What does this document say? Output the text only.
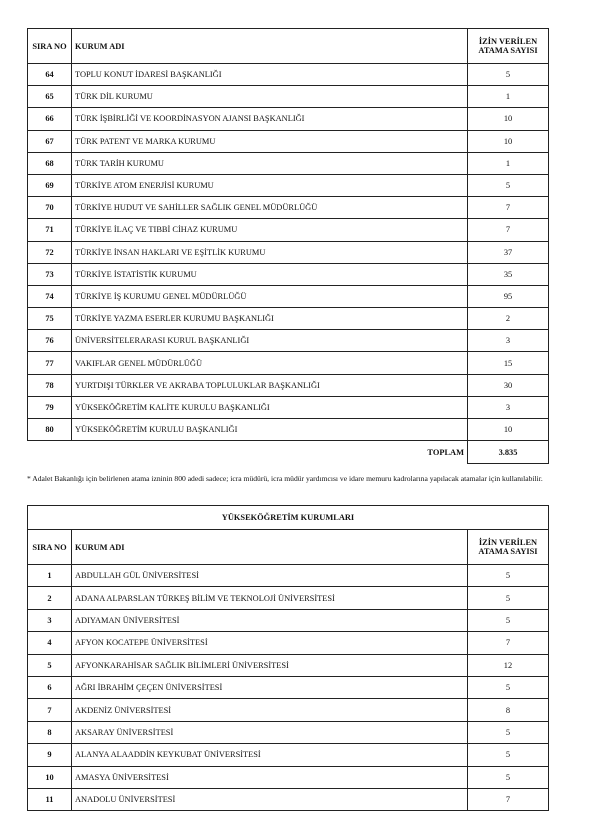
SIRA NO	KURUM ADI	İZİN VERİLEN ATAMA SAYISI
64	TOPLU KONUT İDARESİ BAŞKANLIĞI	5
65	TÜRK DİL KURUMU	1
66	TÜRK İŞBİRLİĞİ VE KOORDİNASYON AJANSI BAŞKANLIĞI	10
67	TÜRK PATENT VE MARKA KURUMU	10
68	TÜRK TARİH KURUMU	1
69	TÜRKİYE ATOM ENERJİSİ KURUMU	5
70	TÜRKİYE HUDUT VE SAHİLLER SAĞLIK GENEL MÜDÜRLÜĞÜ	7
71	TÜRKİYE İLAÇ VE TIBBİ CİHAZ KURUMU	7
72	TÜRKİYE İNSAN HAKLARI VE EŞİTLİK KURUMU	37
73	TÜRKİYE İSTATİSTİK KURUMU	35
74	TÜRKİYE İŞ KURUMU GENEL MÜDÜRLÜĞÜ	95
75	TÜRKİYE YAZMA ESERLER KURUMU BAŞKANLIĞI	2
76	ÜNİVERSİTELERARASI KURUL BAŞKANLIĞI	3
77	VAKIFLAR GENEL MÜDÜRLÜĞÜ	15
78	YURTDIŞI TÜRKLER VE AKRABA TOPLULUKLAR BAŞKANLIĞI	30
79	YÜKSEKÖĞRETİM KALİTE KURULU BAŞKANLIĞI	3
80	YÜKSEKÖĞRETİM KURULU BAŞKANLIĞI	10
	TOPLAM	3.835

* Adalet Bakanlığı için belirlenen atama izninin 800 adedi sadece; icra müdürü, icra müdür yardımcısı ve idare memuru kadrolarına yapılacak atamalar için kullanılabilir.

YÜKSEKÖĞRETİM KURUMLARI		
SIRA NO	KURUM ADI	İZİN VERİLEN ATAMA SAYISI
1	ABDULLAH GÜL ÜNİVERSİTESİ	5
2	ADANA ALPARSLAN TÜRKEŞ BİLİM VE TEKNOLOJİ ÜNİVERSİTESİ	5
3	ADIYAMAN ÜNİVERSİTESİ	5
4	AFYON KOCATEPE ÜNİVERSİTESİ	7
5	AFYONKARAHİSAR SAĞLIK BİLİMLERİ ÜNİVERSİTESİ	12
6	AĞRI İBRAHİM ÇEÇEN ÜNİVERSİTESİ	5
7	AKDENİZ ÜNİVERSİTESİ	8
8	AKSARAY ÜNİVERSİTESİ	5
9	ALANYA ALAADDİN KEYKUBAT ÜNİVERSİTESİ	5
10	AMASYA ÜNİVERSİTESİ	5
11	ANADOLU ÜNİVERSİTESİ	7
